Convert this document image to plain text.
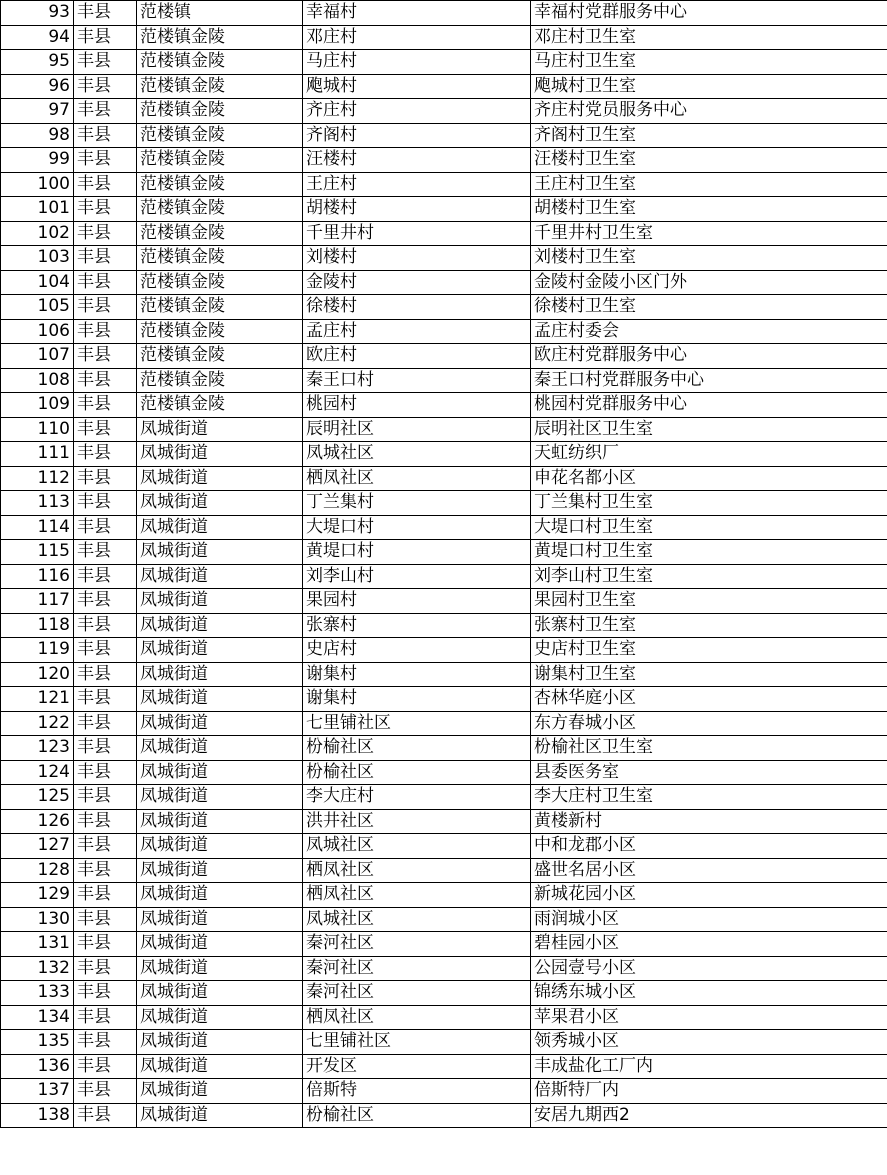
93	丰县	范楼镇	幸福村	幸福村党群服务中心
94	丰县	范楼镇金陵	邓庄村	邓庄村卫生室
95	丰县	范楼镇金陵	马庄村	马庄村卫生室
96	丰县	范楼镇金陵	飑城村	飑城村卫生室
97	丰县	范楼镇金陵	齐庄村	齐庄村党员服务中心
98	丰县	范楼镇金陵	齐阁村	齐阁村卫生室
99	丰县	范楼镇金陵	汪楼村	汪楼村卫生室
100	丰县	范楼镇金陵	王庄村	王庄村卫生室
101	丰县	范楼镇金陵	胡楼村	胡楼村卫生室
102	丰县	范楼镇金陵	千里井村	千里井村卫生室
103	丰县	范楼镇金陵	刘楼村	刘楼村卫生室
104	丰县	范楼镇金陵	金陵村	金陵村金陵小区门外
105	丰县	范楼镇金陵	徐楼村	徐楼村卫生室
106	丰县	范楼镇金陵	孟庄村	孟庄村委会
107	丰县	范楼镇金陵	欧庄村	欧庄村党群服务中心
108	丰县	范楼镇金陵	秦王口村	秦王口村党群服务中心
109	丰县	范楼镇金陵	桃园村	桃园村党群服务中心
110	丰县	凤城街道	辰明社区	辰明社区卫生室
111	丰县	凤城街道	凤城社区	天虹纺织厂
112	丰县	凤城街道	栖凤社区	申花名都小区
113	丰县	凤城街道	丁兰集村	丁兰集村卫生室
114	丰县	凤城街道	大堤口村	大堤口村卫生室
115	丰县	凤城街道	黄堤口村	黄堤口村卫生室
116	丰县	凤城街道	刘李山村	刘李山村卫生室
117	丰县	凤城街道	果园村	果园村卫生室
118	丰县	凤城街道	张寨村	张寨村卫生室
119	丰县	凤城街道	史店村	史店村卫生室
120	丰县	凤城街道	谢集村	谢集村卫生室
121	丰县	凤城街道	谢集村	杏林华庭小区
122	丰县	凤城街道	七里铺社区	东方春城小区
123	丰县	凤城街道	枌榆社区	枌榆社区卫生室
124	丰县	凤城街道	枌榆社区	县委医务室
125	丰县	凤城街道	李大庄村	李大庄村卫生室
126	丰县	凤城街道	洪井社区	黄楼新村
127	丰县	凤城街道	凤城社区	中和龙郡小区
128	丰县	凤城街道	栖凤社区	盛世名居小区
129	丰县	凤城街道	栖凤社区	新城花园小区
130	丰县	凤城街道	凤城社区	雨润城小区
131	丰县	凤城街道	秦河社区	碧桂园小区
132	丰县	凤城街道	秦河社区	公园壹号小区
133	丰县	凤城街道	秦河社区	锦绣东城小区
134	丰县	凤城街道	栖凤社区	苹果君小区
135	丰县	凤城街道	七里铺社区	领秀城小区
136	丰县	凤城街道	开发区	丰成盐化工厂内
137	丰县	凤城街道	倍斯特	倍斯特厂内
138	丰县	凤城街道	枌榆社区	安居九期西2
